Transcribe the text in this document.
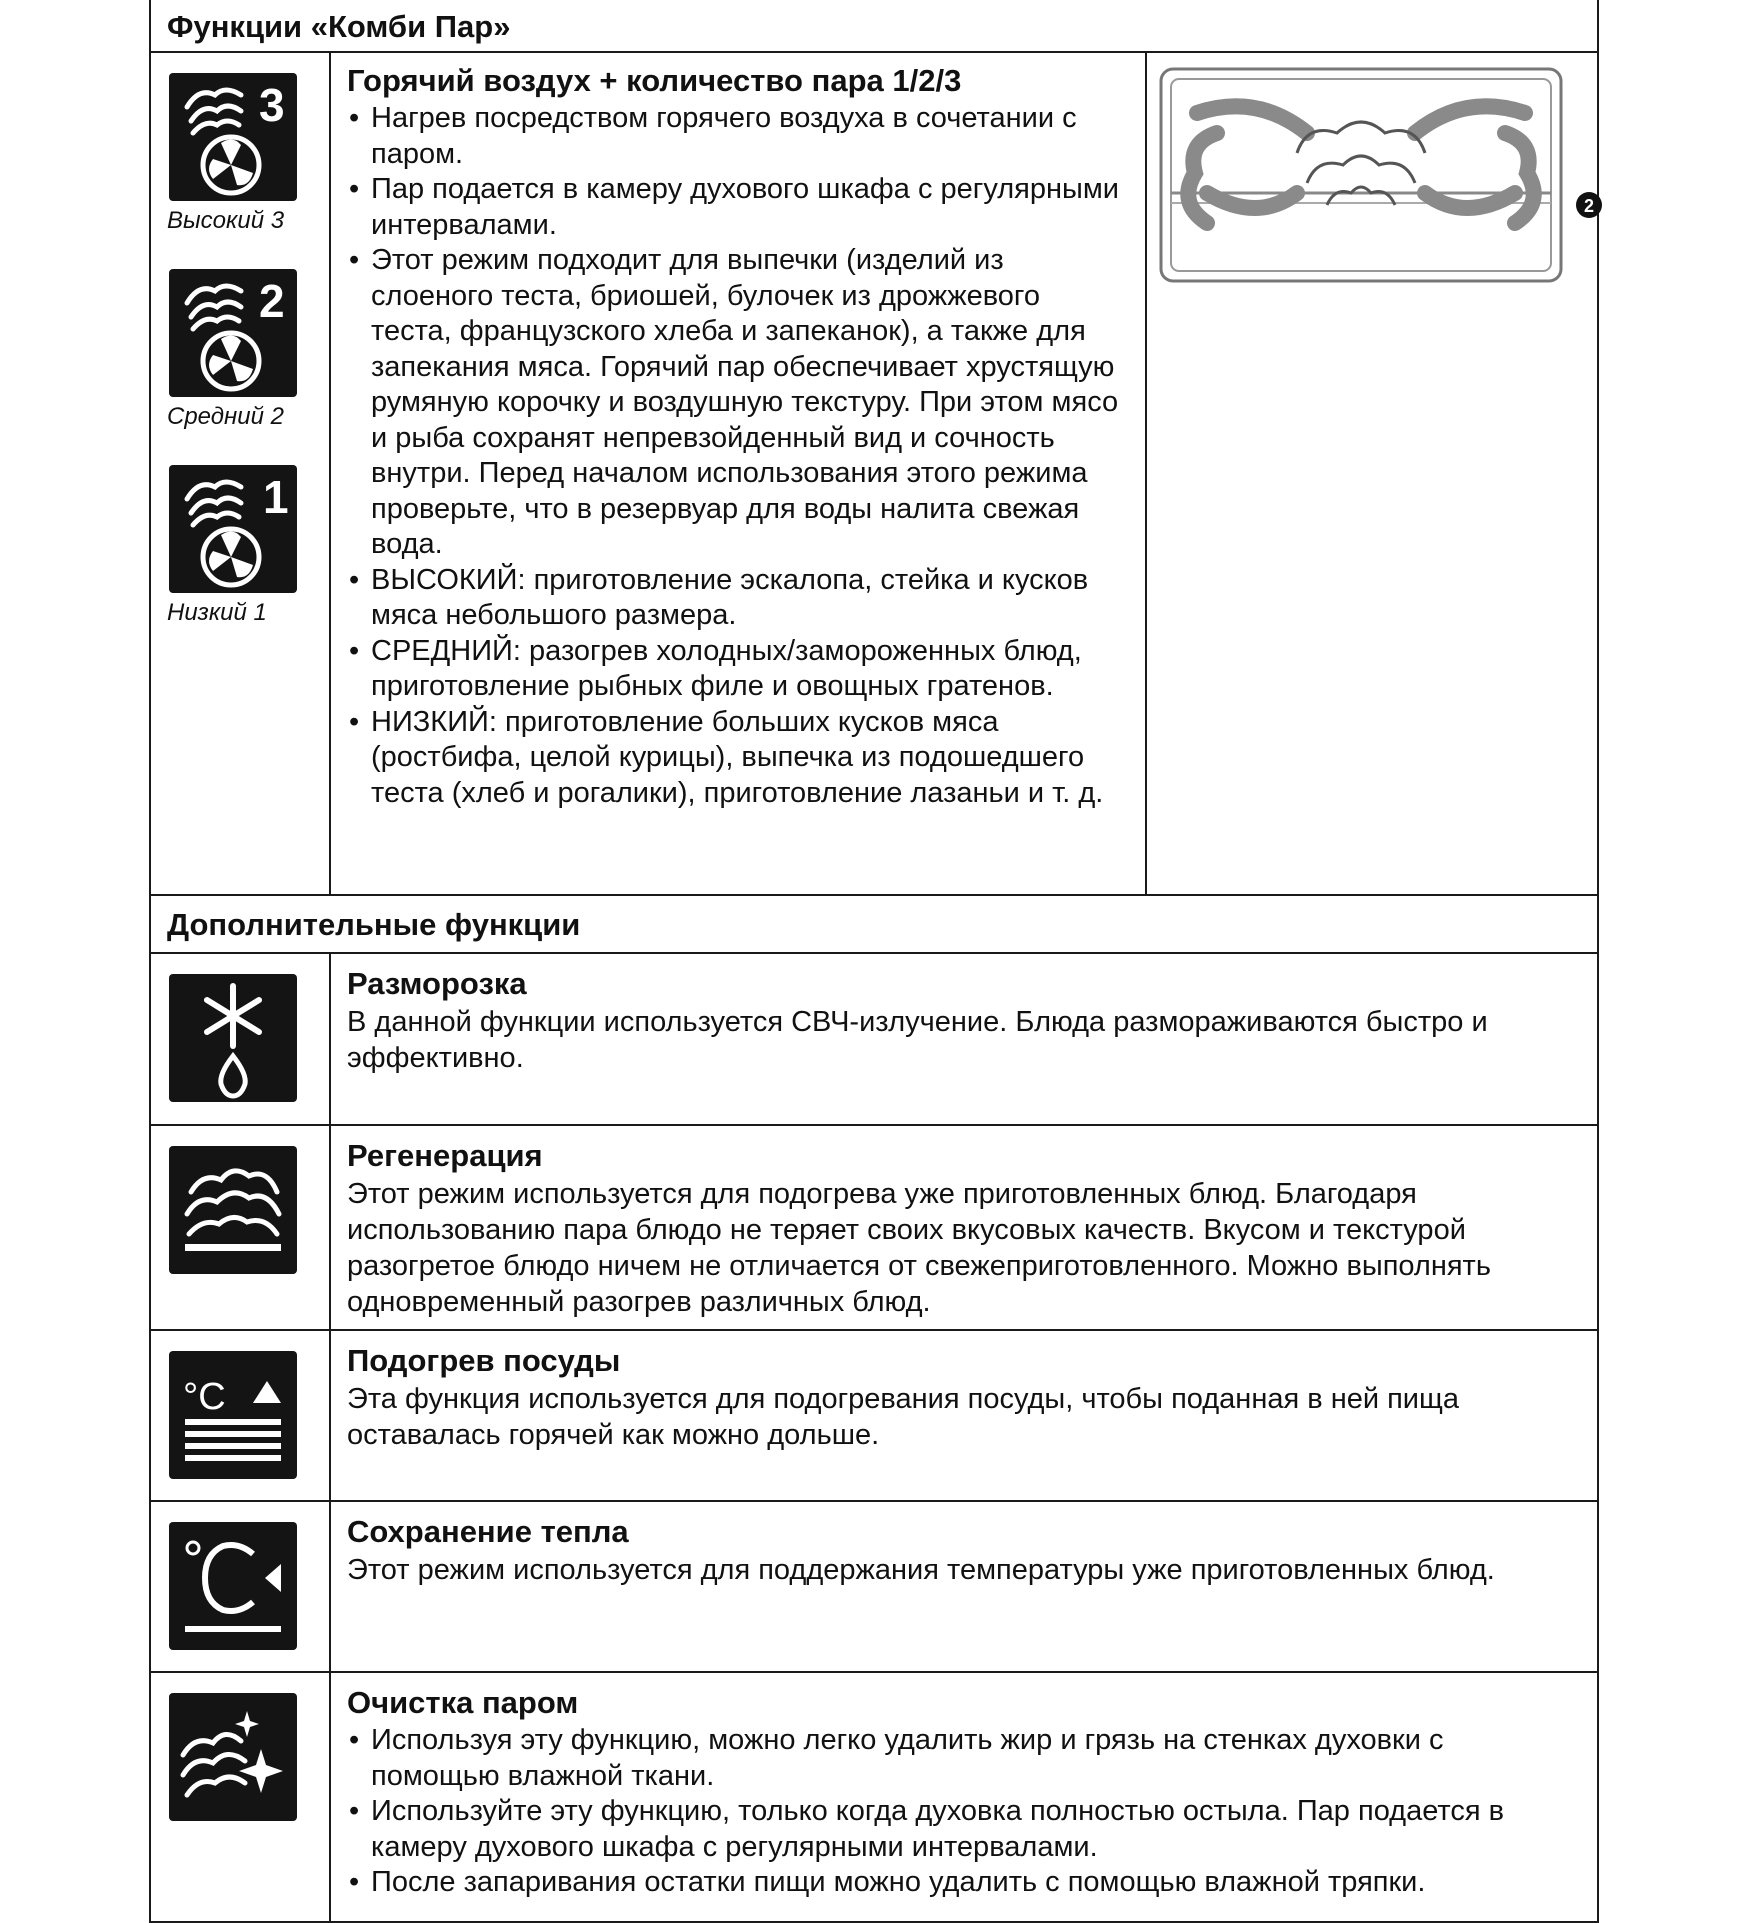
Функции «Комби Пар»
3
Высокий 3
2
Средний 2
1
Низкий 1

Горячий воздух + количество пара 1/2/3

• Нагрев посредством горячего воздуха в сочетании с паром.
• Пар подается в камеру духового шкафа с регулярными интервалами.
• Этот режим подходит для выпечки (изделий из слоеного теста, бриошей, булочек из дрожжевого теста, французского хлеба и запеканок), а также для запекания мяса. Горячий пар обеспечивает хрустящую румяную корочку и воздушную текстуру. При этом мясо и рыба сохранят непревзойденный вид и сочность внутри. Перед началом использования этого режима проверьте, что в резервуар для воды налита свежая вода.
• ВЫСОКИЙ: приготовление эскалопа, стейка и кусков мяса небольшого размера.
• СРЕДНИЙ: разогрев холодных/замороженных блюд, приготовление рыбных филе и овощных гратенов.
• НИЗКИЙ: приготовление больших кусков мяса (ростбифа, целой курицы), выпечка из подошедшего теста (хлеб и рогалики), приготовление лазаньи и т. д.
2
Дополнительные функции

Разморозка

В данной функции используется СВЧ-излучение. Блюда размораживаются быстро и эффективно.

Регенерация

Этот режим используется для подогрева уже приготовленных блюд. Благодаря использованию пара блюдо не теряет своих вкусовых качеств. Вкусом и текстурой разогретое блюдо ничем не отличается от свежеприготовленного. Можно выполнять одновременный разогрев различных блюд.

°C

Подогрев посуды

Эта функция используется для подогревания посуды, чтобы поданная в ней пища оставалась горячей как можно дольше.

Сохранение тепла

Этот режим используется для поддержания температуры уже приготовленных блюд.

Очистка паром

• Используя эту функцию, можно легко удалить жир и грязь на стенках духовки с помощью влажной ткани.
• Используйте эту функцию, только когда духовка полностью остыла. Пар подается в камеру духового шкафа с регулярными интервалами.
• После запаривания остатки пищи можно удалить с помощью влажной тряпки.
